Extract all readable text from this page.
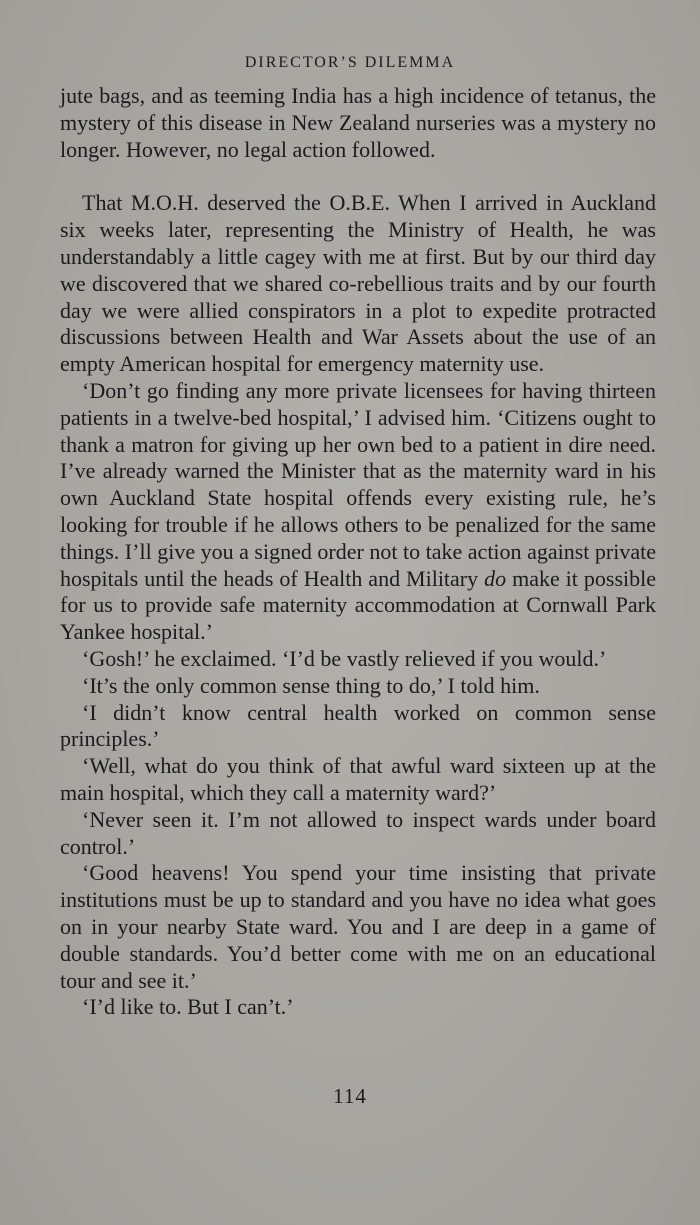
DIRECTOR’S DILEMMA

jute bags, and as teeming India has a high incidence of tetanus, the mystery of this disease in New Zealand nurseries was a mystery no longer. However, no legal action followed.

That M.O.H. deserved the O.B.E. When I arrived in Auckland six weeks later, representing the Ministry of Health, he was understandably a little cagey with me at first. But by our third day we discovered that we shared co-rebellious traits and by our fourth day we were allied conspirators in a plot to expedite protracted discussions between Health and War Assets about the use of an empty American hospital for emergency maternity use.

‘Don’t go finding any more private licensees for having thirteen patients in a twelve-bed hospital,’ I advised him. ‘Citizens ought to thank a matron for giving up her own bed to a patient in dire need. I’ve already warned the Minister that as the maternity ward in his own Auckland State hospital offends every existing rule, he’s looking for trouble if he allows others to be penalized for the same things. I’ll give you a signed order not to take action against private hospitals until the heads of Health and Military do make it possible for us to provide safe maternity accommodation at Cornwall Park Yankee hospital.’

‘Gosh!’ he exclaimed. ‘I’d be vastly relieved if you would.’

‘It’s the only common sense thing to do,’ I told him.

‘I didn’t know central health worked on common sense principles.’

‘Well, what do you think of that awful ward sixteen up at the main hospital, which they call a maternity ward?’

‘Never seen it. I’m not allowed to inspect wards under board control.’

‘Good heavens! You spend your time insisting that private institutions must be up to standard and you have no idea what goes on in your nearby State ward. You and I are deep in a game of double standards. You’d better come with me on an educational tour and see it.’

‘I’d like to. But I can’t.’

114
